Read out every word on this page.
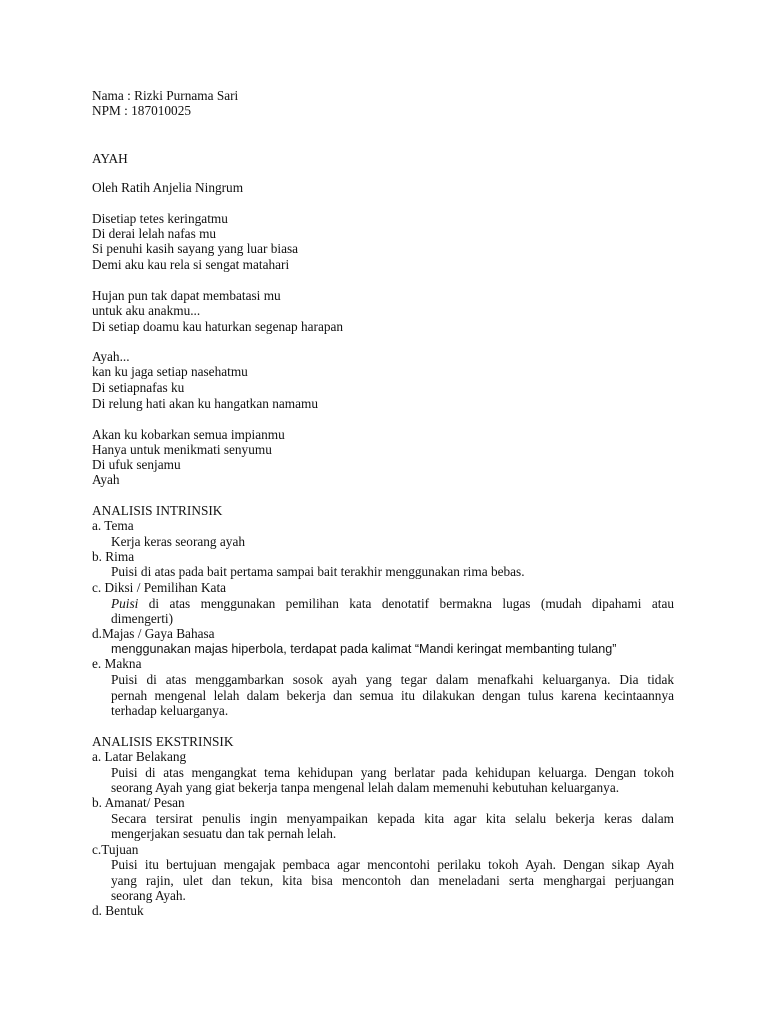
Nama : Rizki Purnama Sari

NPM : 187010025

AYAH

Oleh Ratih Anjelia Ningrum

Disetiap tetes keringatmu

Di derai lelah nafas mu

Si penuhi kasih sayang yang luar biasa

Demi aku kau rela si sengat matahari

Hujan pun tak dapat membatasi mu

untuk aku anakmu...

Di setiap doamu kau haturkan segenap harapan

Ayah...

kan ku jaga setiap nasehatmu

Di setiapnafas ku

Di relung hati akan ku hangatkan namamu

Akan ku kobarkan semua impianmu

Hanya untuk menikmati senyumu

Di ufuk senjamu

Ayah

ANALISIS INTRINSIK

a. Tema

Kerja keras seorang ayah

b. Rima

Puisi di atas pada bait pertama sampai bait terakhir menggunakan rima bebas.

c. Diksi / Pemilihan Kata

Puisi di atas menggunakan pemilihan kata denotatif bermakna lugas (mudah dipahami atau

dimengerti)

d.Majas / Gaya Bahasa

menggunakan majas hiperbola, terdapat pada kalimat “Mandi keringat membanting tulang”

e. Makna

Puisi di atas menggambarkan sosok ayah yang tegar dalam menafkahi keluarganya. Dia tidak

pernah mengenal lelah dalam bekerja dan semua itu dilakukan dengan tulus karena kecintaannya

terhadap keluarganya.

ANALISIS EKSTRINSIK

a. Latar Belakang

Puisi di atas mengangkat tema kehidupan yang berlatar pada kehidupan keluarga. Dengan tokoh

seorang Ayah yang giat bekerja tanpa mengenal lelah dalam memenuhi kebutuhan keluarganya.

b. Amanat/ Pesan

Secara tersirat penulis ingin menyampaikan kepada kita agar kita selalu bekerja keras dalam

mengerjakan sesuatu dan tak pernah lelah.

c.Tujuan

Puisi itu bertujuan mengajak pembaca agar mencontohi perilaku tokoh Ayah. Dengan sikap Ayah

yang rajin, ulet dan tekun, kita bisa mencontoh dan meneladani serta menghargai perjuangan

seorang Ayah.

d. Bentuk
